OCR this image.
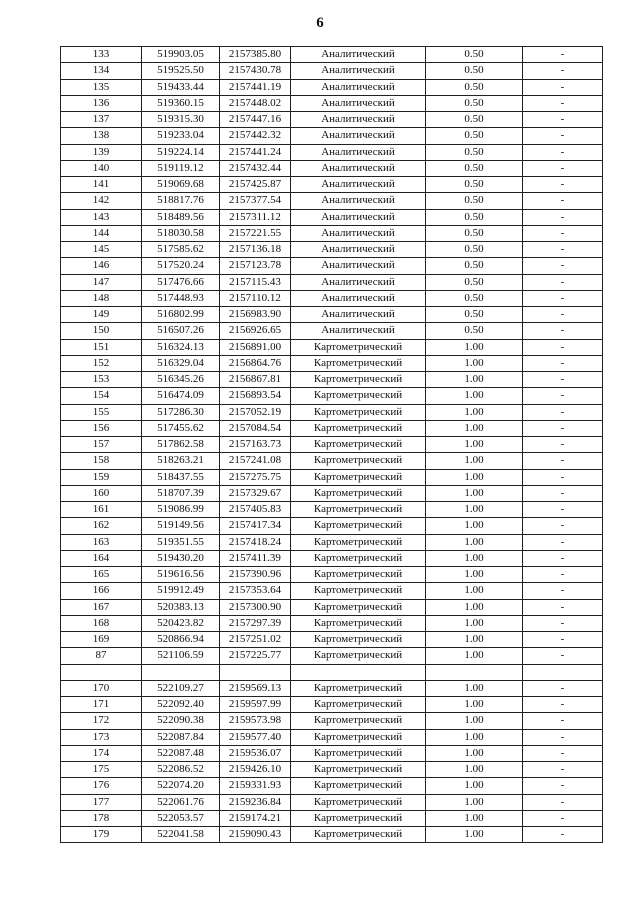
6
133	519903.05	2157385.80	Аналитический	0.50	-
134	519525.50	2157430.78	Аналитический	0.50	-
135	519433.44	2157441.19	Аналитический	0.50	-
136	519360.15	2157448.02	Аналитический	0.50	-
137	519315.30	2157447.16	Аналитический	0.50	-
138	519233.04	2157442.32	Аналитический	0.50	-
139	519224.14	2157441.24	Аналитический	0.50	-
140	519119.12	2157432.44	Аналитический	0.50	-
141	519069.68	2157425.87	Аналитический	0.50	-
142	518817.76	2157377.54	Аналитический	0.50	-
143	518489.56	2157311.12	Аналитический	0.50	-
144	518030.58	2157221.55	Аналитический	0.50	-
145	517585.62	2157136.18	Аналитический	0.50	-
146	517520.24	2157123.78	Аналитический	0.50	-
147	517476.66	2157115.43	Аналитический	0.50	-
148	517448.93	2157110.12	Аналитический	0.50	-
149	516802.99	2156983.90	Аналитический	0.50	-
150	516507.26	2156926.65	Аналитический	0.50	-
151	516324.13	2156891.00	Картометрический	1.00	-
152	516329.04	2156864.76	Картометрический	1.00	-
153	516345.26	2156867.81	Картометрический	1.00	-
154	516474.09	2156893.54	Картометрический	1.00	-
155	517286.30	2157052.19	Картометрический	1.00	-
156	517455.62	2157084.54	Картометрический	1.00	-
157	517862.58	2157163.73	Картометрический	1.00	-
158	518263.21	2157241.08	Картометрический	1.00	-
159	518437.55	2157275.75	Картометрический	1.00	-
160	518707.39	2157329.67	Картометрический	1.00	-
161	519086.99	2157405.83	Картометрический	1.00	-
162	519149.56	2157417.34	Картометрический	1.00	-
163	519351.55	2157418.24	Картометрический	1.00	-
164	519430.20	2157411.39	Картометрический	1.00	-
165	519616.56	2157390.96	Картометрический	1.00	-
166	519912.49	2157353.64	Картометрический	1.00	-
167	520383.13	2157300.90	Картометрический	1.00	-
168	520423.82	2157297.39	Картометрический	1.00	-
169	520866.94	2157251.02	Картометрический	1.00	-
87	521106.59	2157225.77	Картометрический	1.00	-

170	522109.27	2159569.13	Картометрический	1.00	-
171	522092.40	2159597.99	Картометрический	1.00	-
172	522090.38	2159573.98	Картометрический	1.00	-
173	522087.84	2159577.40	Картометрический	1.00	-
174	522087.48	2159536.07	Картометрический	1.00	-
175	522086.52	2159426.10	Картометрический	1.00	-
176	522074.20	2159331.93	Картометрический	1.00	-
177	522061.76	2159236.84	Картометрический	1.00	-
178	522053.57	2159174.21	Картометрический	1.00	-
179	522041.58	2159090.43	Картометрический	1.00	-
